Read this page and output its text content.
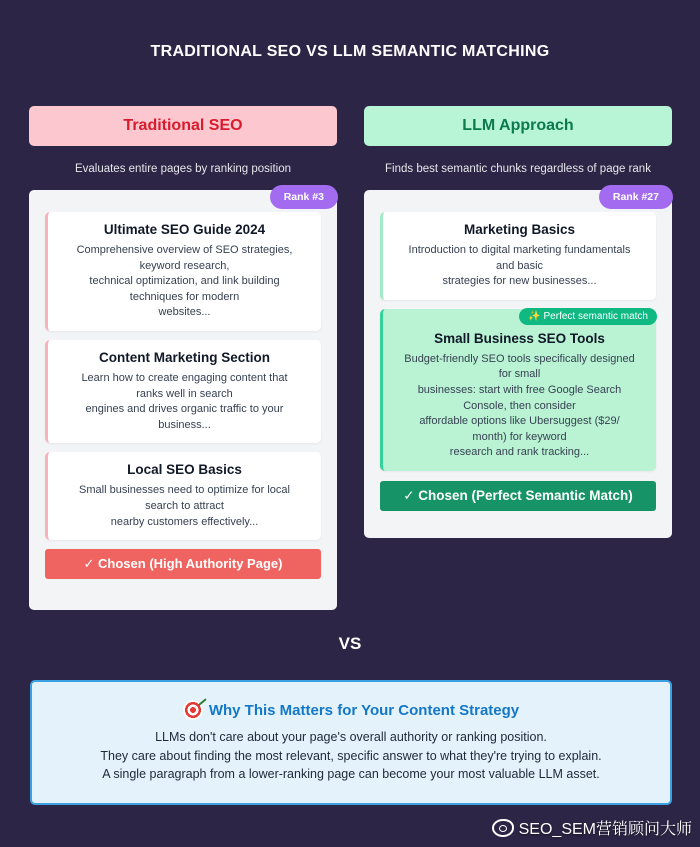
TRADITIONAL SEO VS LLM SEMANTIC MATCHING
Traditional SEO
Evaluates entire pages by ranking position
Rank #3
Ultimate SEO Guide 2024
Comprehensive overview of SEO strategies,
keyword research,
technical optimization, and link building
techniques for modern
websites...
Content Marketing Section
Learn how to create engaging content that
ranks well in search
engines and drives organic traffic to your
business...
Local SEO Basics
Small businesses need to optimize for local
search to attract
nearby customers effectively...
✓ Chosen (High Authority Page)
LLM Approach
Finds best semantic chunks regardless of page rank
Rank #27
Marketing Basics
Introduction to digital marketing fundamentals
and basic
strategies for new businesses...
✨ Perfect semantic match
Small Business SEO Tools
Budget-friendly SEO tools specifically designed
for small
businesses: start with free Google Search
Console, then consider
affordable options like Ubersuggest ($29/
month) for keyword
research and rank tracking...
✓ Chosen (Perfect Semantic Match)
VS
Why This Matters for Your Content Strategy
LLMs don't care about your page's overall authority or ranking position.
They care about finding the most relevant, specific answer to what they're trying to explain.
A single paragraph from a lower-ranking page can become your most valuable LLM asset.
SEO_SEM营销顾问大师
